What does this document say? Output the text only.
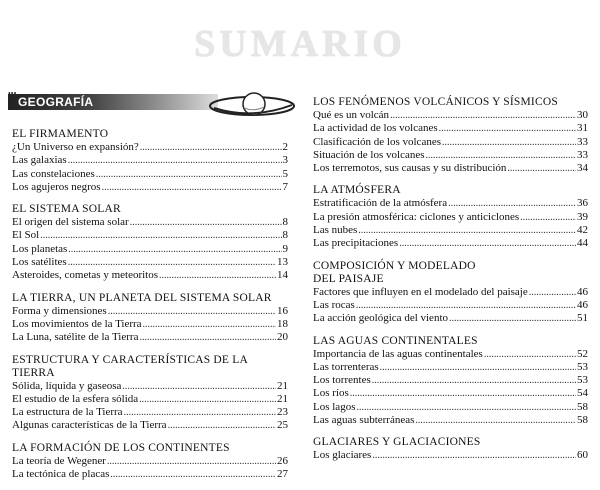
SUMARIO
GEOGRAFÍA
EL FIRMAMENTO
¿Un Universo en expansión? .....	2
Las galaxias .....	3
Las constelaciones .....	5
Los agujeros negros .....	7
EL SISTEMA SOLAR
El origen del sistema solar .....	8
El Sol .....	8
Los planetas .....	9
Los satélites .....	13
Asteroides, cometas y meteoritos .....	14
LA TIERRA, UN PLANETA DEL SISTEMA SOLAR
Forma y dimensiones .....	16
Los movimientos de la Tierra .....	18
La Luna, satélite de la Tierra .....	20
ESTRUCTURA Y CARACTERÍSTICAS DE LA TIERRA
Sólida, líquida y gaseosa .....	21
El estudio de la esfera sólida .....	21
La estructura de la Tierra .....	23
Algunas características de la Tierra .....	25
LA FORMACIÓN DE LOS CONTINENTES
La teoría de Wegener .....	26
La tectónica de placas .....	27
LOS FENÓMENOS VOLCÁNICOS Y SÍSMICOS
Qué es un volcán .....	30
La actividad de los volcanes .....	31
Clasificación de los volcanes .....	33
Situación de los volcanes .....	33
Los terremotos, sus causas y su distribución .....	34
LA ATMÓSFERA
Estratificación de la atmósfera .....	36
La presión atmosférica: ciclones y anticiclones .....	39
Las nubes .....	42
Las precipitaciones .....	44
COMPOSICIÓN Y MODELADO
DEL PAISAJE
Factores que influyen en el modelado del paisaje .....	46
Las rocas .....	46
La acción geológica del viento .....	51
LAS AGUAS CONTINENTALES
Importancia de las aguas continentales .....	52
Las torrenteras .....	53
Los torrentes .....	53
Los ríos .....	54
Los lagos .....	58
Las aguas subterráneas .....	58
GLACIARES Y GLACIACIONES
Los glaciares .....	60
